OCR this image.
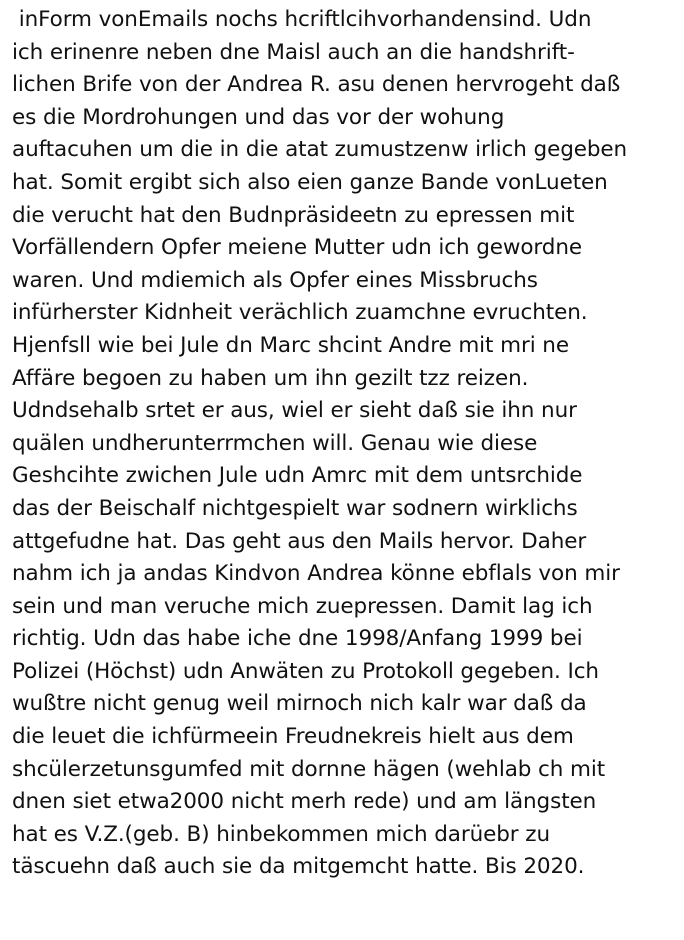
inForm vonEmails nochs hcriftlcihvorhandensind. Udn
ich erinenre neben dne Maisl auch an die handshrift-
lichen Brife von der Andrea R. asu denen hervrogeht daß
es die Mordrohungen und das vor der wohung
auftacuhen um die in die atat zumustzenw irlich gegeben
hat. Somit ergibt sich also eien ganze Bande vonLueten
die verucht hat den Budnpräsideetn zu epressen mit
Vorfällendern Opfer meiene Mutter udn ich gewordne
waren. Und mdiemich als Opfer eines Missbruchs
infürherster Kidnheit verächlich zuamchne evruchten.
Hjenfsll wie bei Jule dn Marc shcint Andre mit mri ne
Affäre begoen zu haben um ihn gezilt tzz reizen.
Udndsehalb srtet er aus, wiel er sieht daß sie ihn nur
quälen undherunterrmchen will. Genau wie diese
Geshcihte zwichen Jule udn Amrc mit dem untsrchide
das der Beischalf nichtgespielt war sodnern wirklichs
attgefudne hat. Das geht aus den Mails hervor. Daher
nahm ich ja andas Kindvon Andrea könne ebflals von mir
sein und man veruche mich zuepressen. Damit lag ich
richtig. Udn das habe iche dne 1998/Anfang 1999 bei
Polizei (Höchst) udn Anwäten zu Protokoll gegeben. Ich
wußtre nicht genug weil mirnoch nich kalr war daß da
die leuet die ichfürmeein Freudnekreis hielt aus dem
shcülerzetunsgumfed mit dornne hägen (wehlab ch mit
dnen siet etwa2000 nicht merh rede) und am längsten
hat es V.Z.(geb. B) hinbekommen mich darüebr zu
täscuehn daß auch sie da mitgemcht hatte. Bis 2020.
